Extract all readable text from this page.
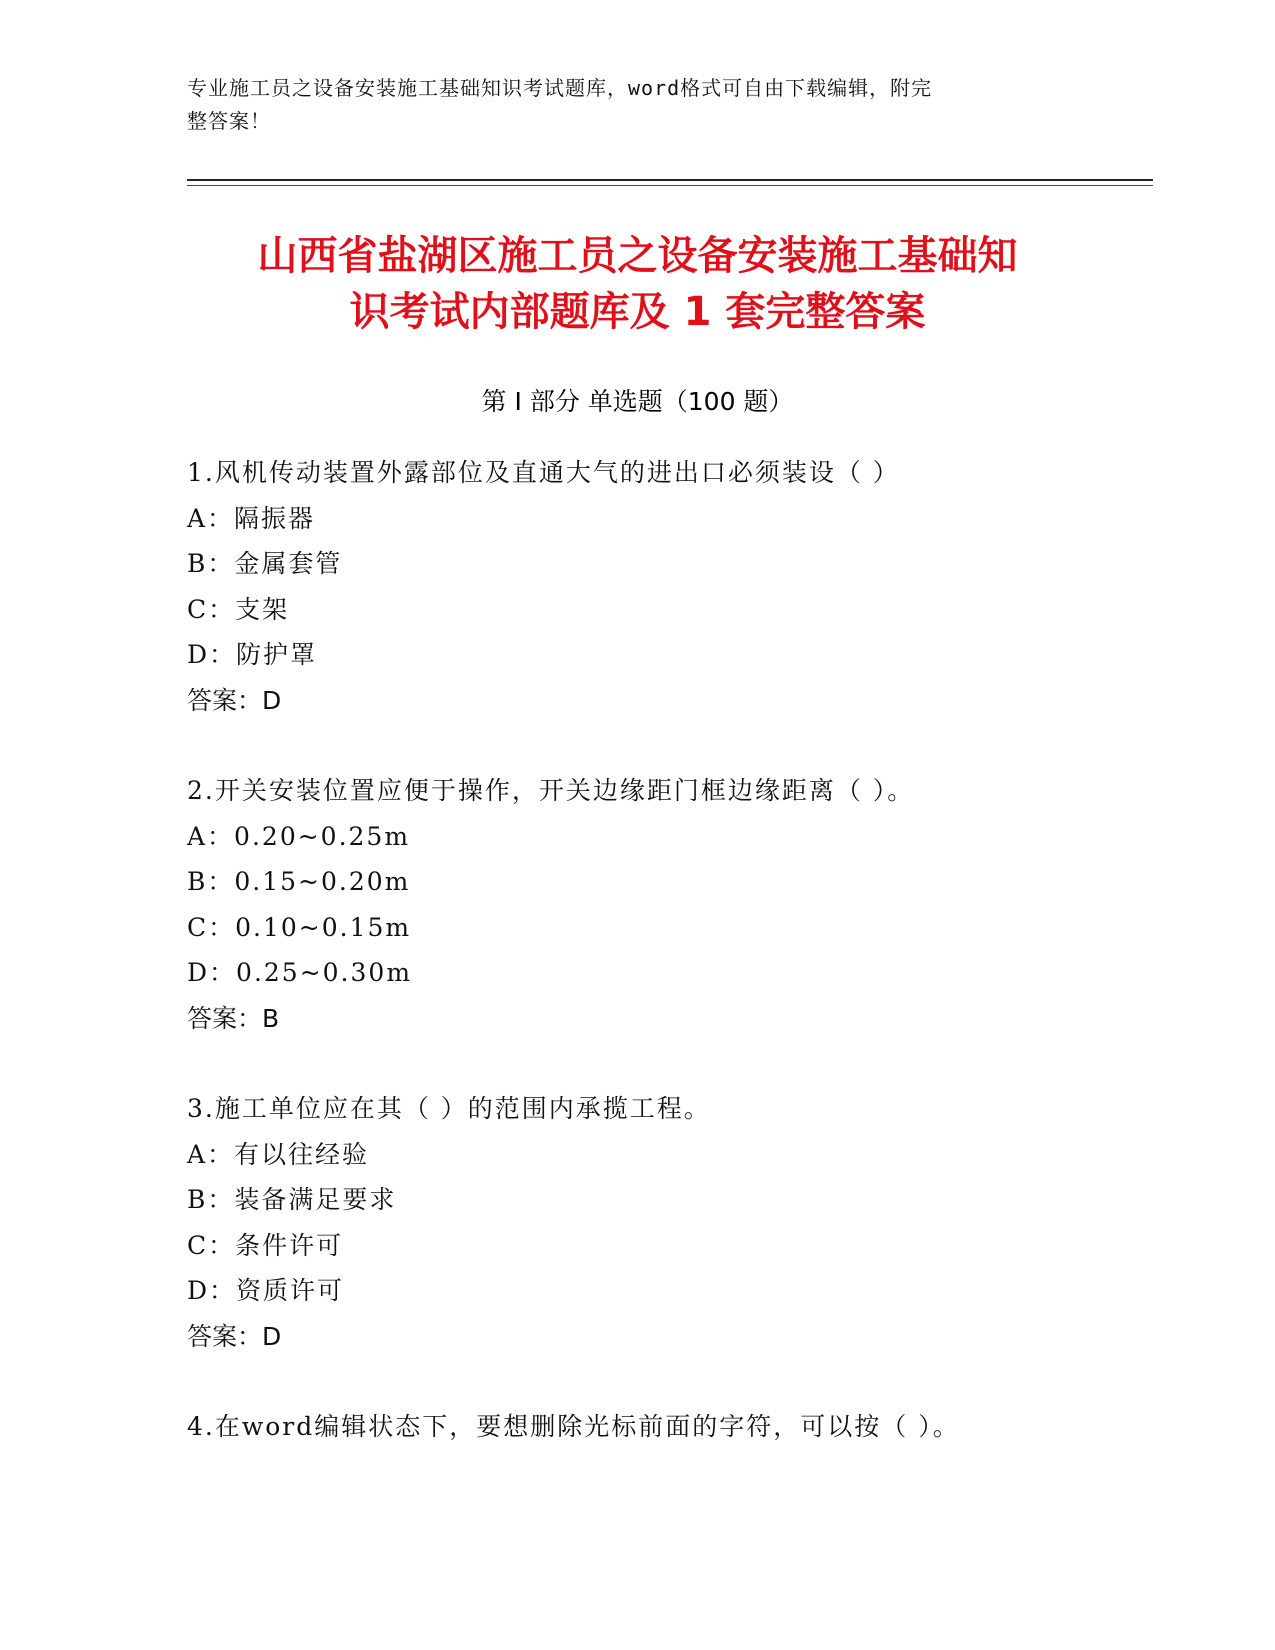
专业施工员之设备安装施工基础知识考试题库，word格式可自由下载编辑，附完
整答案！
山西省盐湖区施工员之设备安装施工基础知
识考试内部题库及 1 套完整答案
第 I 部分 单选题（100 题）
1.风机传动装置外露部位及直通大气的进出口必须装设（ ）
A：隔振器
B：金属套管
C：支架
D：防护罩
答案：D
2.开关安装位置应便于操作，开关边缘距门框边缘距离（ ）。
A：0.20~0.25m
B：0.15~0.20m
C：0.10~0.15m
D：0.25~0.30m
答案：B
3.施工单位应在其（ ）的范围内承揽工程。
A：有以往经验
B：装备满足要求
C：条件许可
D：资质许可
答案：D
4.在word编辑状态下，要想删除光标前面的字符，可以按（ ）。
